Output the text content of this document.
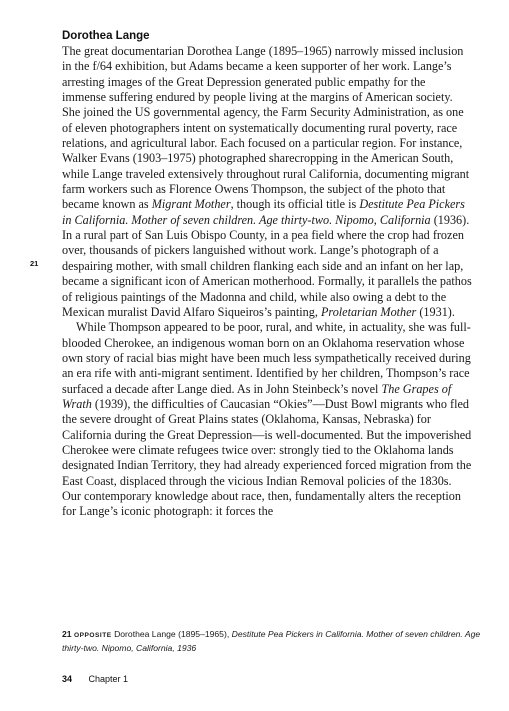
Dorothea Lange
21

The great documentarian Dorothea Lange (1895–1965) narrowly missed inclusion in the f/64 exhibition, but Adams became a keen supporter of her work. Lange’s arresting images of the Great Depression generated public empathy for the immense suffering endured by people living at the margins of American society. She joined the US governmental agency, the Farm Security Administration, as one of eleven photographers intent on systematically documenting rural poverty, race relations, and agricultural labor. Each focused on a particular region. For instance, Walker Evans (1903–1975) photographed sharecropping in the American South, while Lange traveled extensively throughout rural California, documenting migrant farm workers such as Florence Owens Thompson, the subject of the photo that became known as Migrant Mother, though its official title is Destitute Pea Pickers in California. Mother of seven children. Age thirty-two. Nipomo, California (1936). In a rural part of San Luis Obispo County, in a pea field where the crop had frozen over, thousands of pickers languished without work. Lange’s photograph of a despairing mother, with small children flanking each side and an infant on her lap, became a significant icon of American motherhood. Formally, it parallels the pathos of religious paintings of the Madonna and child, while also owing a debt to the Mexican muralist David Alfaro Siqueiros’s painting, Proletarian Mother (1931).

While Thompson appeared to be poor, rural, and white, in actuality, she was full-blooded Cherokee, an indigenous woman born on an Oklahoma reservation whose own story of racial bias might have been much less sympathetically received during an era rife with anti-migrant sentiment. Identified by her children, Thompson’s race surfaced a decade after Lange died. As in John Steinbeck’s novel The Grapes of Wrath (1939), the difficulties of Caucasian “Okies”—Dust Bowl migrants who fled the severe drought of Great Plains states (Oklahoma, Kansas, Nebraska) for California during the Great Depression—is well-documented. But the impoverished Cherokee were climate refugees twice over: strongly tied to the Oklahoma lands designated Indian Territory, they had already experienced forced migration from the East Coast, displaced through the vicious Indian Removal policies of the 1830s. Our contemporary knowledge about race, then, fundamentally alters the reception for Lange’s iconic photograph: it forces the

21 OPPOSITE Dorothea Lange (1895–1965), Destitute Pea Pickers in California. Mother of seven children. Age thirty-two. Nipomo, California, 1936
34 Chapter 1
